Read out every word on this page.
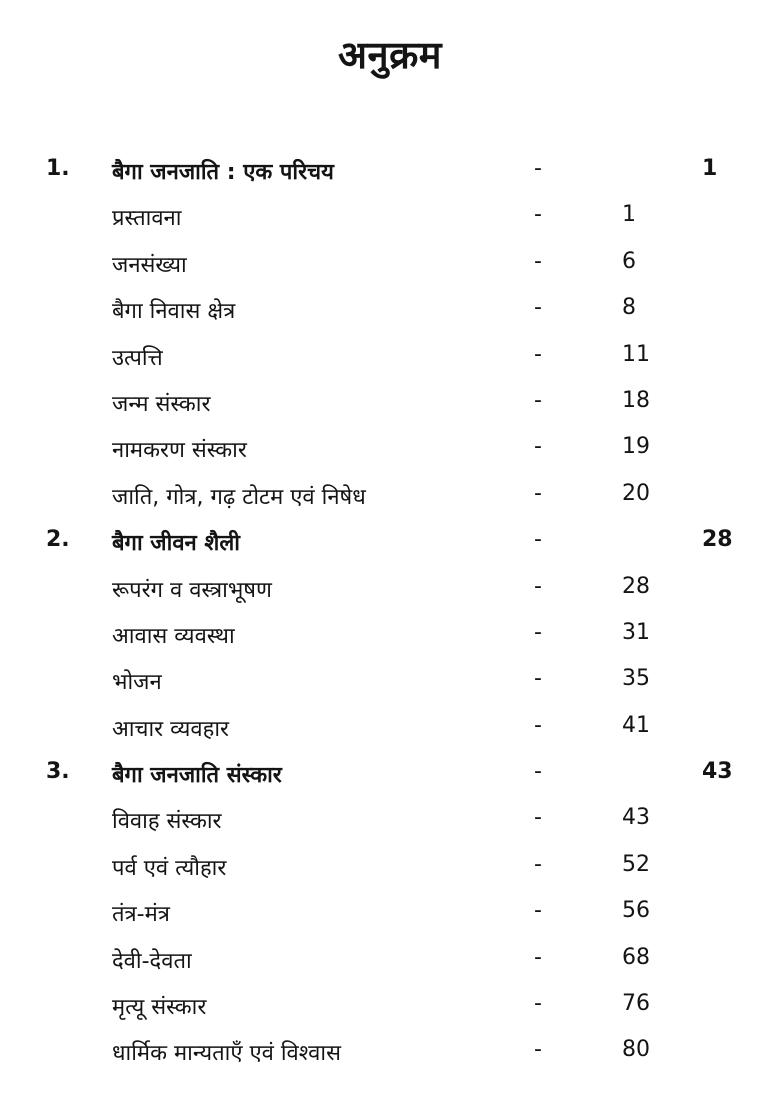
अनुक्रम
1. बैगा जनजाति : एक परिचय	-	1
प्रस्तावना	-	1
जनसंख्या	-	6
बैगा निवास क्षेत्र	-	8
उत्पत्ति	-	11
जन्म संस्कार	-	18
नामकरण संस्कार	-	19
जाति, गोत्र, गढ़ टोटम एवं निषेध	-	20
2. बैगा जीवन शैली	-	28
रूपरंग व वस्त्राभूषण	-	28
आवास व्यवस्था	-	31
भोजन	-	35
आचार व्यवहार	-	41
3. बैगा जनजाति संस्कार	-	43
विवाह संस्कार	-	43
पर्व एवं त्यौहार	-	52
तंत्र-मंत्र	-	56
देवी-देवता	-	68
मृत्यू संस्कार	-	76
धार्मिक मान्यताएँ एवं विश्वास	-	80
